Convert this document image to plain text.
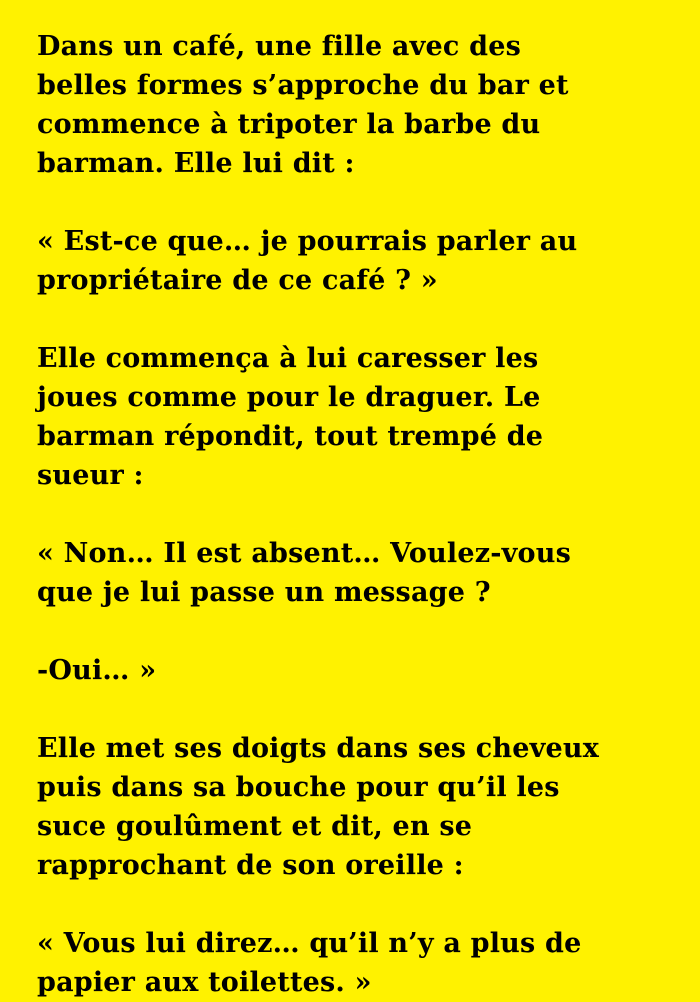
Dans un café, une fille avec des
belles formes s’approche du bar et
commence à tripoter la barbe du
barman. Elle lui dit :

« Est-ce que… je pourrais parler au
propriétaire de ce café ? »

Elle commença à lui caresser les
joues comme pour le draguer. Le
barman répondit, tout trempé de
sueur :

« Non… Il est absent… Voulez-vous
que je lui passe un message ?

-Oui… »

Elle met ses doigts dans ses cheveux
puis dans sa bouche pour qu’il les
suce goulûment et dit, en se
rapprochant de son oreille :

« Vous lui direz… qu’il n’y a plus de
papier aux toilettes. »
